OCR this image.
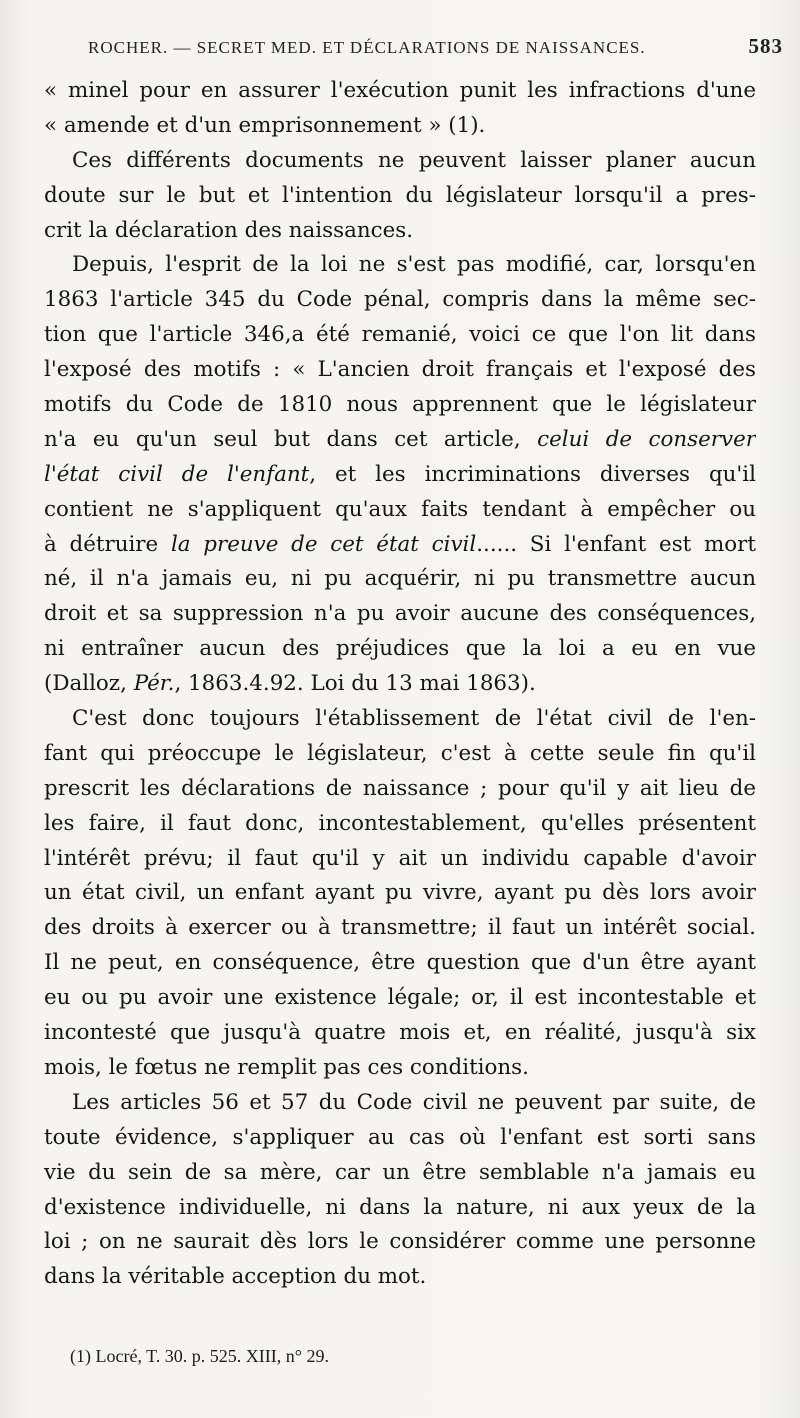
ROCHER. — SECRET MED. ET DÉCLARATIONS DE NAISSANCES.	583
« minel pour en assurer l'exécution punit les infractions d'une
« amende et d'un emprisonnement » (1).
Ces différents documents ne peuvent laisser planer aucun
doute sur le but et l'intention du législateur lorsqu'il a pres-
crit la déclaration des naissances.
Depuis, l'esprit de la loi ne s'est pas modifié, car, lorsqu'en
1863 l'article 345 du Code pénal, compris dans la même sec-
tion que l'article 346,a été remanié, voici ce que l'on lit dans
l'exposé des motifs : « L'ancien droit français et l'exposé des
motifs du Code de 1810 nous apprennent que le législateur
n'a eu qu'un seul but dans cet article, celui de conserver
l'état civil de l'enfant, et les incriminations diverses qu'il
contient ne s'appliquent qu'aux faits tendant à empêcher ou
à détruire la preuve de cet état civil...... Si l'enfant est mort
né, il n'a jamais eu, ni pu acquérir, ni pu transmettre aucun
droit et sa suppression n'a pu avoir aucune des conséquences,
ni entraîner aucun des préjudices que la loi a eu en vue
(Dalloz, Pér., 1863.4.92. Loi du 13 mai 1863).
C'est donc toujours l'établissement de l'état civil de l'en-
fant qui préoccupe le législateur, c'est à cette seule fin qu'il
prescrit les déclarations de naissance ; pour qu'il y ait lieu de
les faire, il faut donc, incontestablement, qu'elles présentent
l'intérêt prévu; il faut qu'il y ait un individu capable d'avoir
un état civil, un enfant ayant pu vivre, ayant pu dès lors avoir
des droits à exercer ou à transmettre; il faut un intérêt social.
Il ne peut, en conséquence, être question que d'un être ayant
eu ou pu avoir une existence légale; or, il est incontestable et
incontesté que jusqu'à quatre mois et, en réalité, jusqu'à six
mois, le fœtus ne remplit pas ces conditions.
Les articles 56 et 57 du Code civil ne peuvent par suite, de
toute évidence, s'appliquer au cas où l'enfant est sorti sans
vie du sein de sa mère, car un être semblable n'a jamais eu
d'existence individuelle, ni dans la nature, ni aux yeux de la
loi ; on ne saurait dès lors le considérer comme une personne
dans la véritable acception du mot.
(1) Locré, T. 30. p. 525. XIII, n° 29.
